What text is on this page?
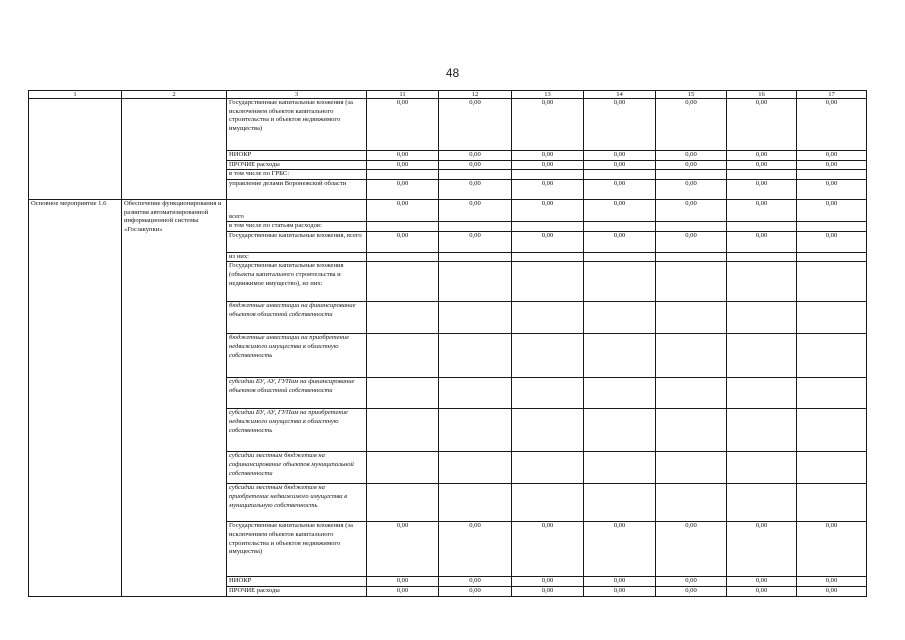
48
1	2	3	11	12	13	14	15	16	17
		Государственные капитальные вложения (за исключением объектов капитального строительства и объектов недвижимого имущества)	0,00	0,00	0,00	0,00	0,00	0,00	0,00
		НИОКР	0,00	0,00	0,00	0,00	0,00	0,00	0,00
		ПРОЧИЕ расходы	0,00	0,00	0,00	0,00	0,00	0,00	0,00
		в том числе по ГРБС:							
		управление делами Воронежской области	0,00	0,00	0,00	0,00	0,00	0,00	0,00
Основное мероприятие 1.6	Обеспечение функционирования и развития автоматизированной информационной системы «Госзакупки»	всего	0,00	0,00	0,00	0,00	0,00	0,00	0,00
		в том числе по статьям расходов:							
		Государственные капитальные вложения, всего	0,00	0,00	0,00	0,00	0,00	0,00	0,00
		из них:							
		Государственные капитальные вложения (объекты капитального строительства и недвижимое имущество), из них:							
		бюджетные инвестиции на финансирование объектов областной собственности							
		бюджетные инвестиции на приобретение недвижимого имущества в областную собственность							
		субсидии БУ, АУ, ГУПам на финансирование объектов областной собственности							
		субсидии БУ, АУ, ГУПам на приобретение недвижимого имущества в областную собственность							
		субсидии местным бюджетам на софинансирование объектов муниципальной собственности							
		субсидии местным бюджетам на приобретение недвижимого имущества в муниципальную собственность							
		Государственные капитальные вложения (за исключением объектов капитального строительства и объектов недвижимого имущества)	0,00	0,00	0,00	0,00	0,00	0,00	0,00
		НИОКР	0,00	0,00	0,00	0,00	0,00	0,00	0,00
		ПРОЧИЕ расходы	0,00	0,00	0,00	0,00	0,00	0,00	0,00
